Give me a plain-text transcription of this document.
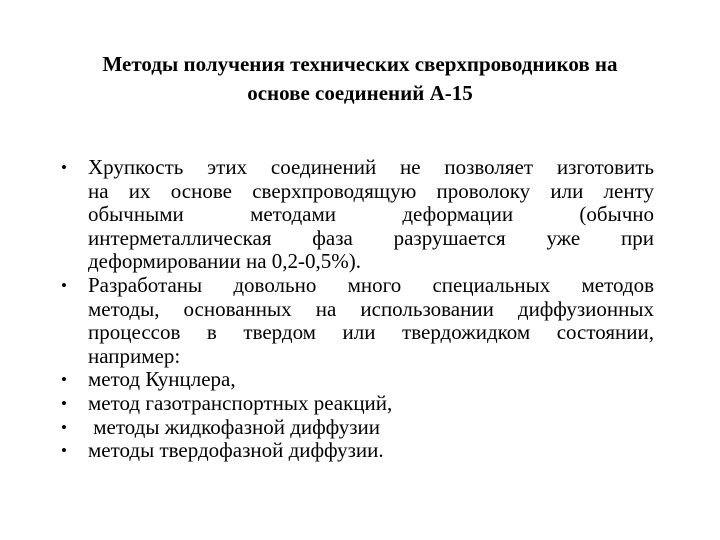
Методы получения технических сверхпроводников на
основе соединений А-15
• Хрупкость этих соединений не позволяет изготовить
на их основе сверхпроводящую проволоку или ленту
обычными методами деформации (обычно
интерметаллическая фаза разрушается уже при
деформировании на 0,2-0,5%).
• Разработаны довольно много специальных методов
методы, основанных на использовании диффузионных
процессов в твердом или твердожидком состоянии,
например:
• метод Кунцлера,
• метод газотранспортных реакций,
• методы жидкофазной диффузии
• методы твердофазной диффузии.
